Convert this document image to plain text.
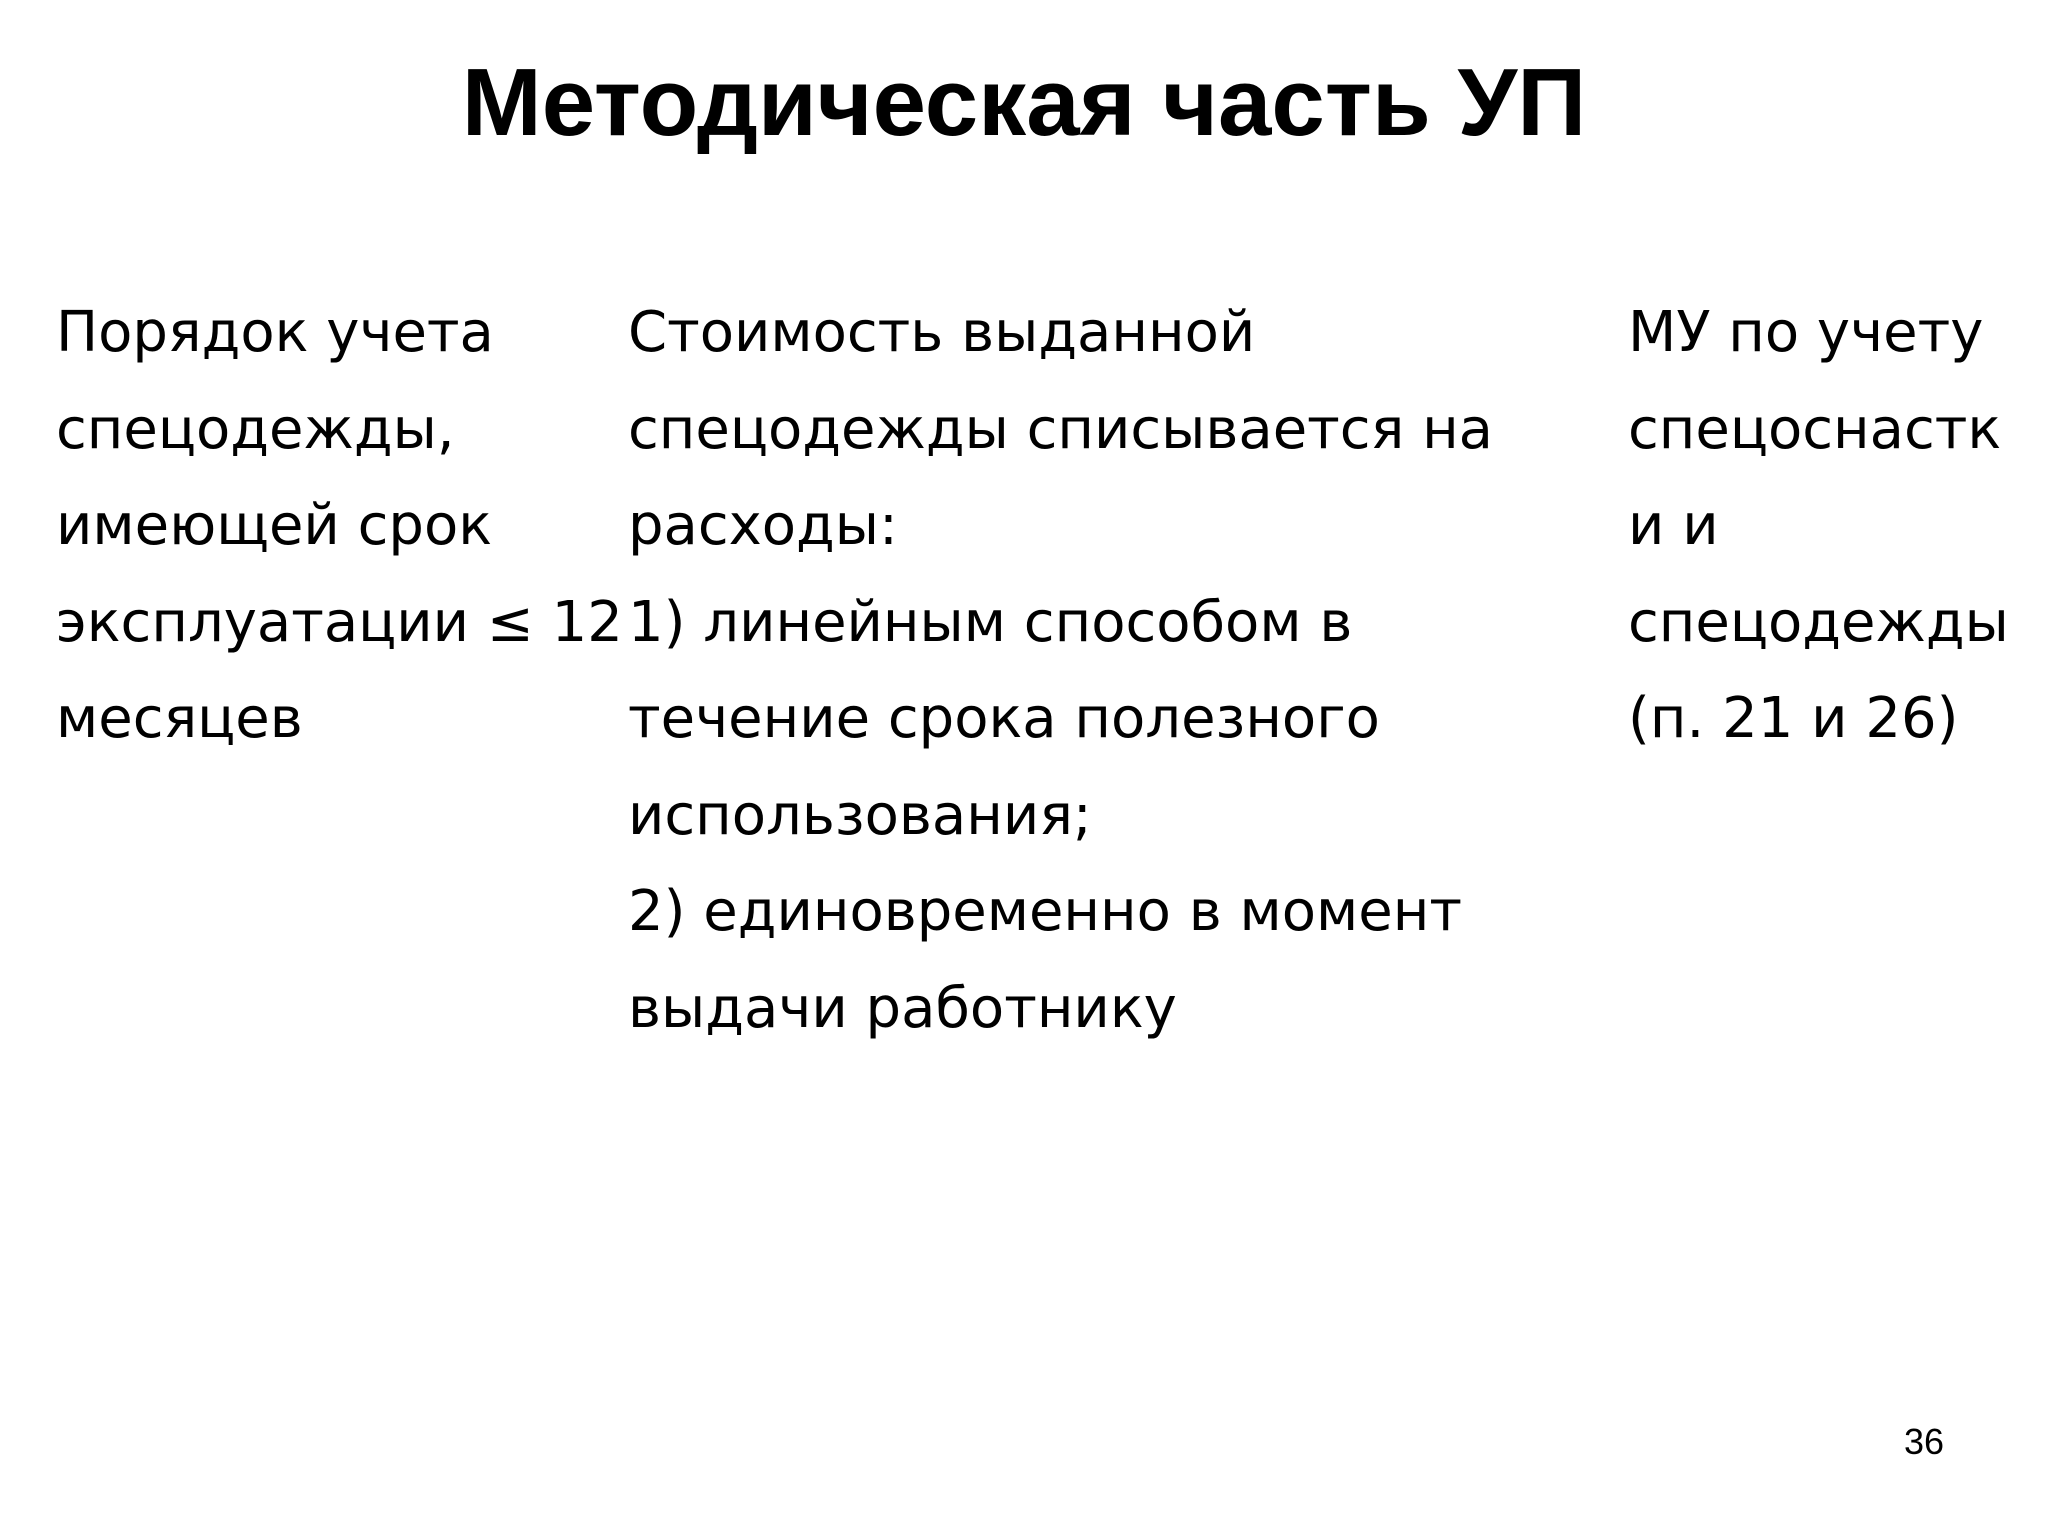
Методическая часть УП
Порядок учета
спецодежды,
имеющей срок
эксплуатации ≤ 12
месяцев
Стоимость выданной
спецодежды списывается на
расходы:
1) линейным способом в
течение срока полезного
использования;
2) единовременно в момент
выдачи работнику
МУ по учету
спецоснастк
и и
спецодежды
(п. 21 и 26)
36
